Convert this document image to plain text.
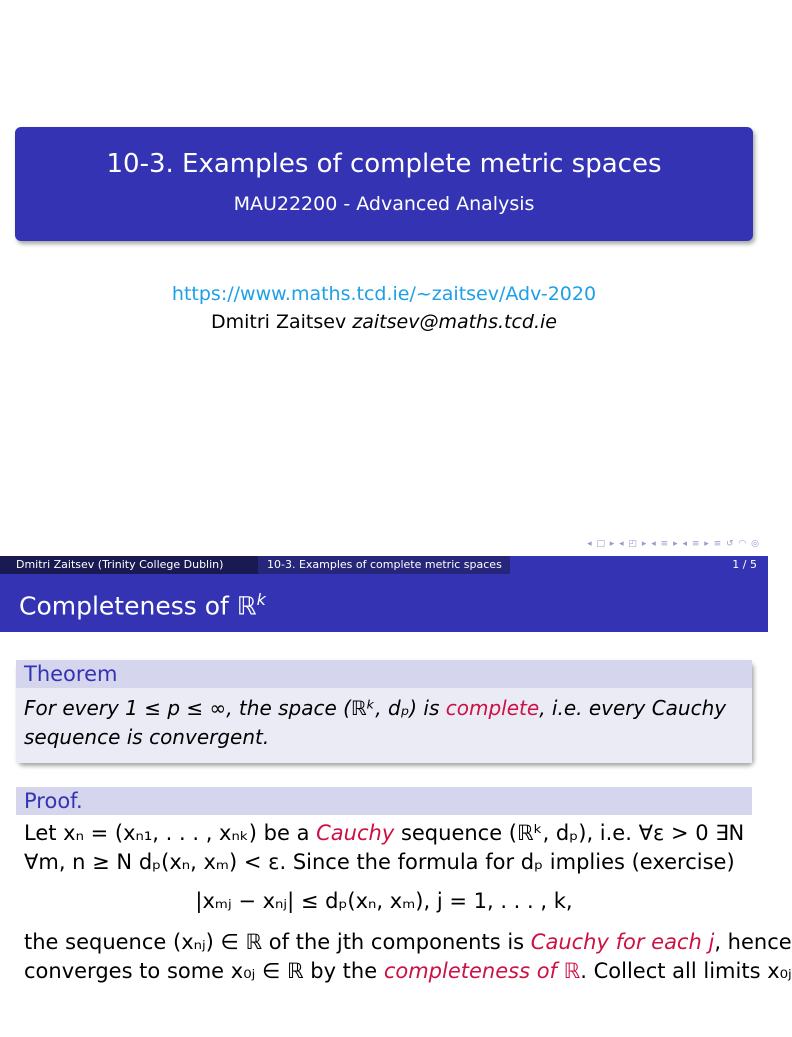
10-3. Examples of complete metric spaces
MAU22200 - Advanced Analysis
https://www.maths.tcd.ie/~zaitsev/Adv-2020
Dmitri Zaitsev zaitsev@maths.tcd.ie
◂ □ ▸ ◂ ◰ ▸ ◂ ≡ ▸ ◂ ≡ ▸ ≡ ↺ ◠ ◎
Dmitri Zaitsev (Trinity College Dublin)	10-3. Examples of complete metric spaces	1 / 5
Completeness of ℝ$^k$
Theorem
For every 1 ≤ p ≤ ∞, the space (ℝᵏ, dₚ) is complete, i.e. every Cauchy
sequence is convergent.
Proof.
Let xₙ = (xₙ₁, . . . , xₙₖ) be a Cauchy sequence (ℝᵏ, dₚ), i.e. ∀ε > 0 ∃N
∀m, n ≥ N dₚ(xₙ, xₘ) < ε. Since the formula for dₚ implies (exercise)
|xₘⱼ − xₙⱼ| ≤ dₚ(xₙ, xₘ), j = 1, . . . , k,
the sequence (xₙⱼ) ∈ ℝ of the jth components is Cauchy for each j, hence
converges to some x₀ⱼ ∈ ℝ by the completeness of ℝ. Collect all limits x₀ⱼ
